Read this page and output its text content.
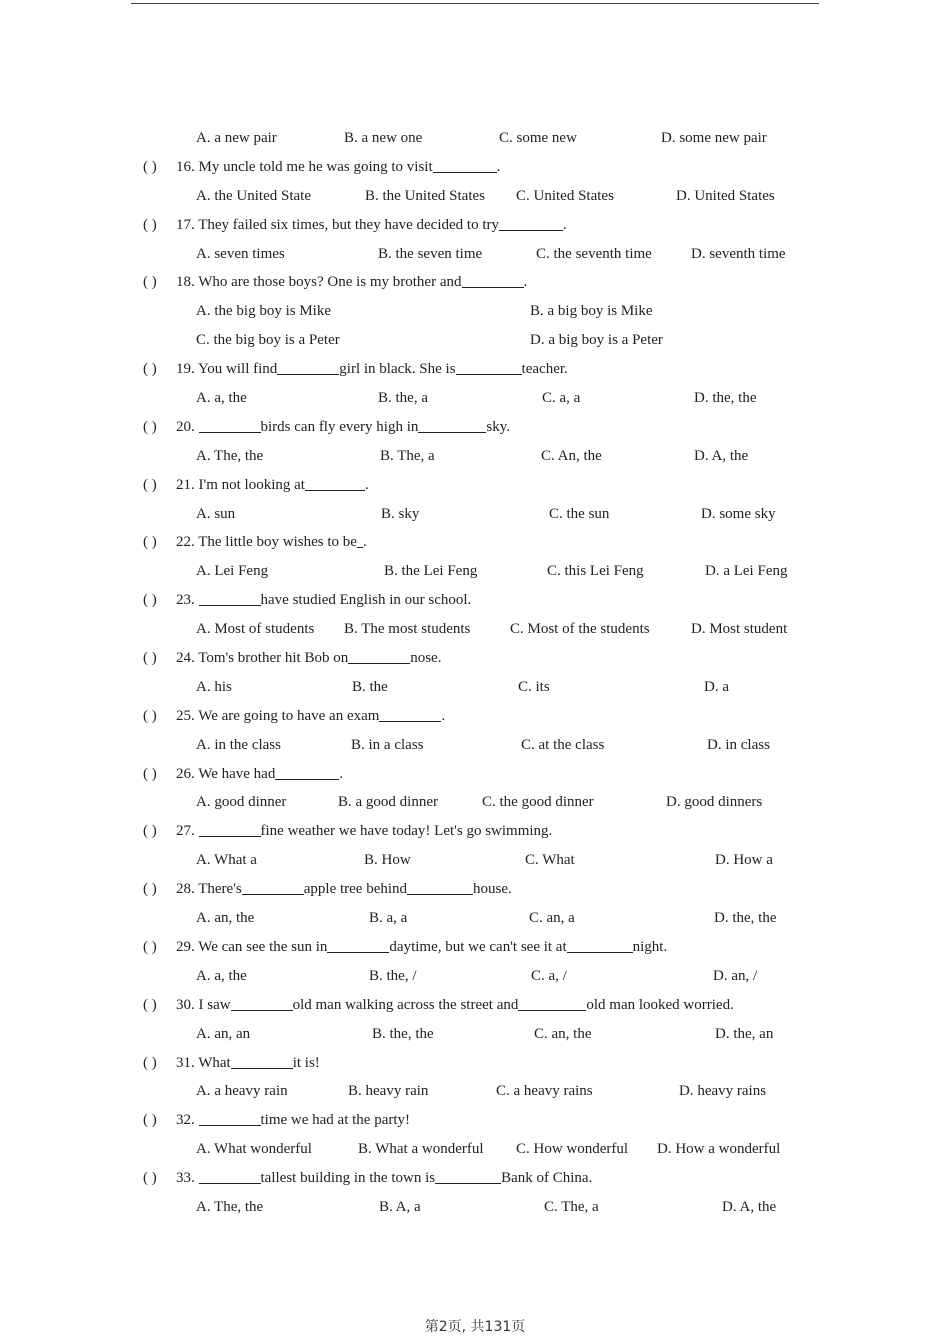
A. a new pair	B. a new one	C. some new	D. some new pair
( ) 16. My uncle told me he was going to visit	.
A. the United State	B. the United States C. United States	D. United States
( ) 17. They failed six times, but they have decided to try	.
A. seven times	B. the seven time	C. the seventh time	D. seventh time
( ) 18. Who are those boys? One is my brother and	.
A. the big boy is Mike	B. a big boy is Mike
C. the big boy is a Peter	D. a big boy is a Peter
( ) 19. You will find	girl in black. She is	teacher.
A. a, the	B. the, a	C. a, a	D. the, the
( ) 20.	birds can fly every high in	sky.
A. The, the	B. The, a	C. An, the	D. A, the
( ) 21. I'm not looking at	.
A. sun	B. sky	C. the sun	D. some sky
( ) 22. The little boy wishes to be .
A. Lei Feng	B. the Lei Feng	C. this Lei Feng	D. a Lei Feng
( ) 23.	have studied English in our school.
A. Most of students B. The most students	C. Most of the students	D. Most student
( ) 24. Tom's brother hit Bob on	nose.
A. his	B. the	C. its	D. a
( ) 25. We are going to have an exam	.
A. in the class	B. in a class	C. at the class	D. in class
( ) 26. We have had	.
A. good dinner	B. a good dinner	C. the good dinner	D. good dinners
( ) 27.	fine weather we have today! Let's go swimming.
A. What a	B. How	C. What	D. How a
( ) 28. There's	apple tree behind	house.
A. an, the	B. a, a	C. an, a	D. the, the
( ) 29. We can see the sun in	daytime, but we can't see it at	night.
A. a, the	B. the, /	C. a, /	D. an, /
( ) 30. I saw	old man walking across the street and	old man looked worried.
A. an, an	B. the, the	C. an, the	D. the, an
( ) 31. What	it is!
A. a heavy rain	B. heavy rain	C. a heavy rains	D. heavy rains
( ) 32.	time we had at the party!
A. What wonderful	B. What a wonderful C. How wonderful D. How a wonderful
( ) 33.	tallest building in the town is	Bank of China.
A. The, the	B. A, a	C. The, a	D. A, the
第2页, 共131页
